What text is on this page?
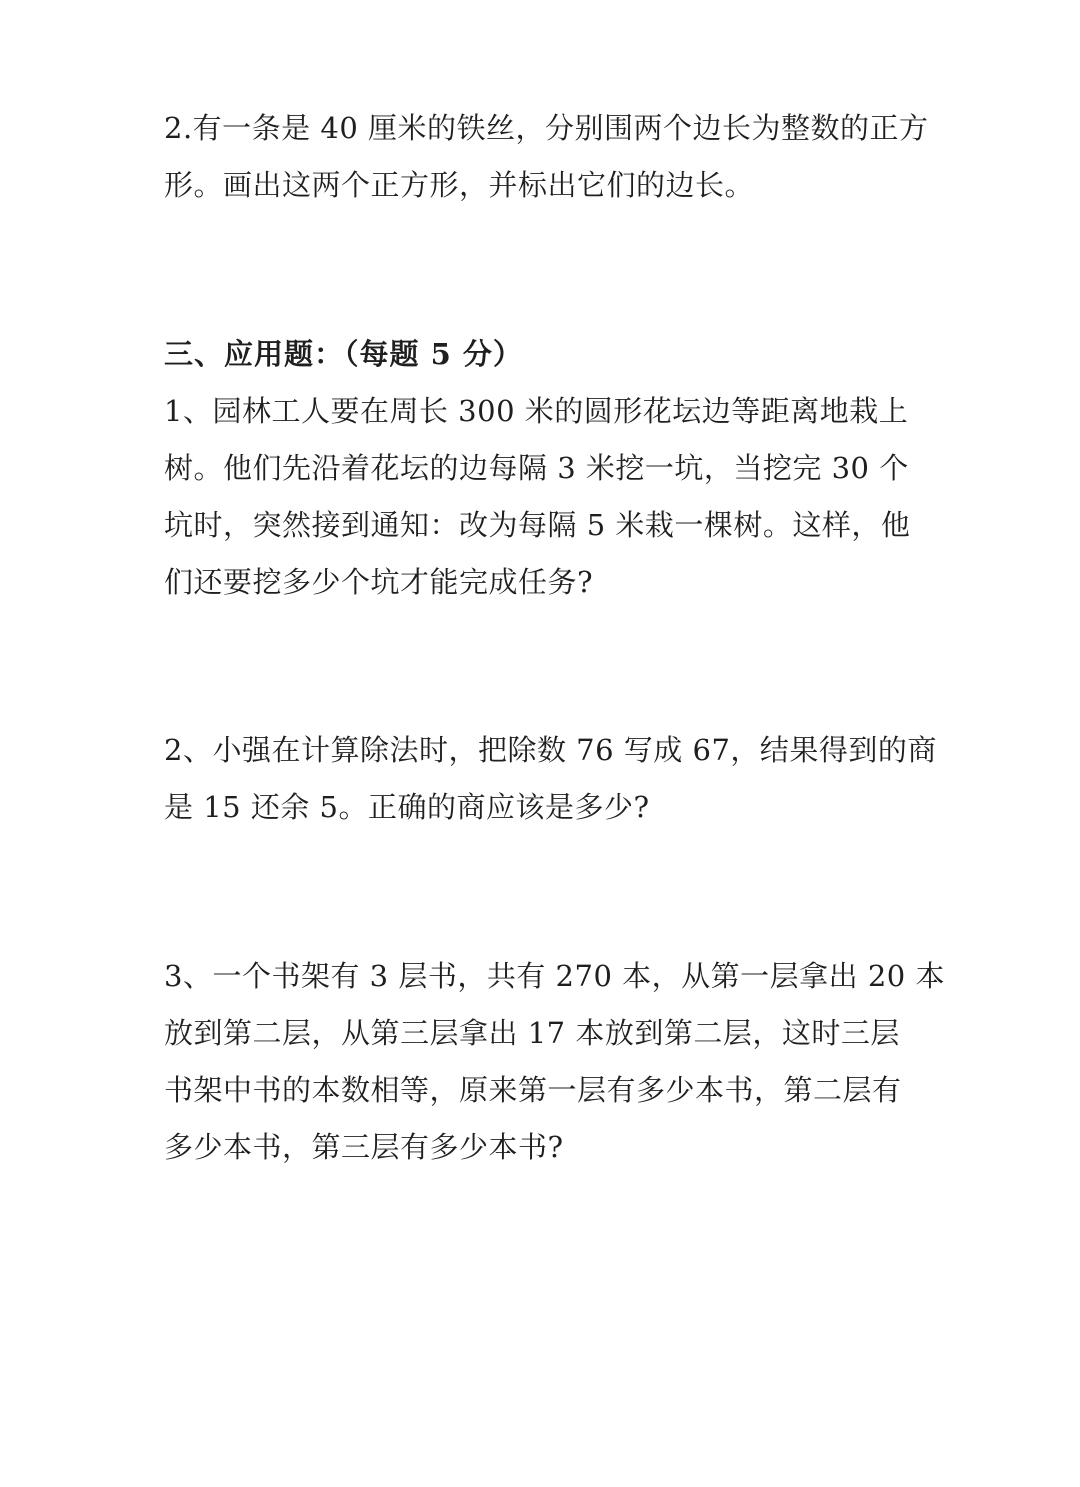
2.有一条是 40 厘米的铁丝，分别围两个边长为整数的正方
形。画出这两个正方形，并标出它们的边长。
三、应用题：（每题 5 分）
1、园林工人要在周长 300 米的圆形花坛边等距离地栽上
树。他们先沿着花坛的边每隔 3 米挖一坑，当挖完 30 个
坑时，突然接到通知：改为每隔 5 米栽一棵树。这样，他
们还要挖多少个坑才能完成任务?
2、小强在计算除法时，把除数 76 写成 67，结果得到的商
是 15 还余 5。正确的商应该是多少?
3、一个书架有 3 层书，共有 270 本，从第一层拿出 20 本
放到第二层，从第三层拿出 17 本放到第二层，这时三层
书架中书的本数相等，原来第一层有多少本书，第二层有
多少本书，第三层有多少本书?
